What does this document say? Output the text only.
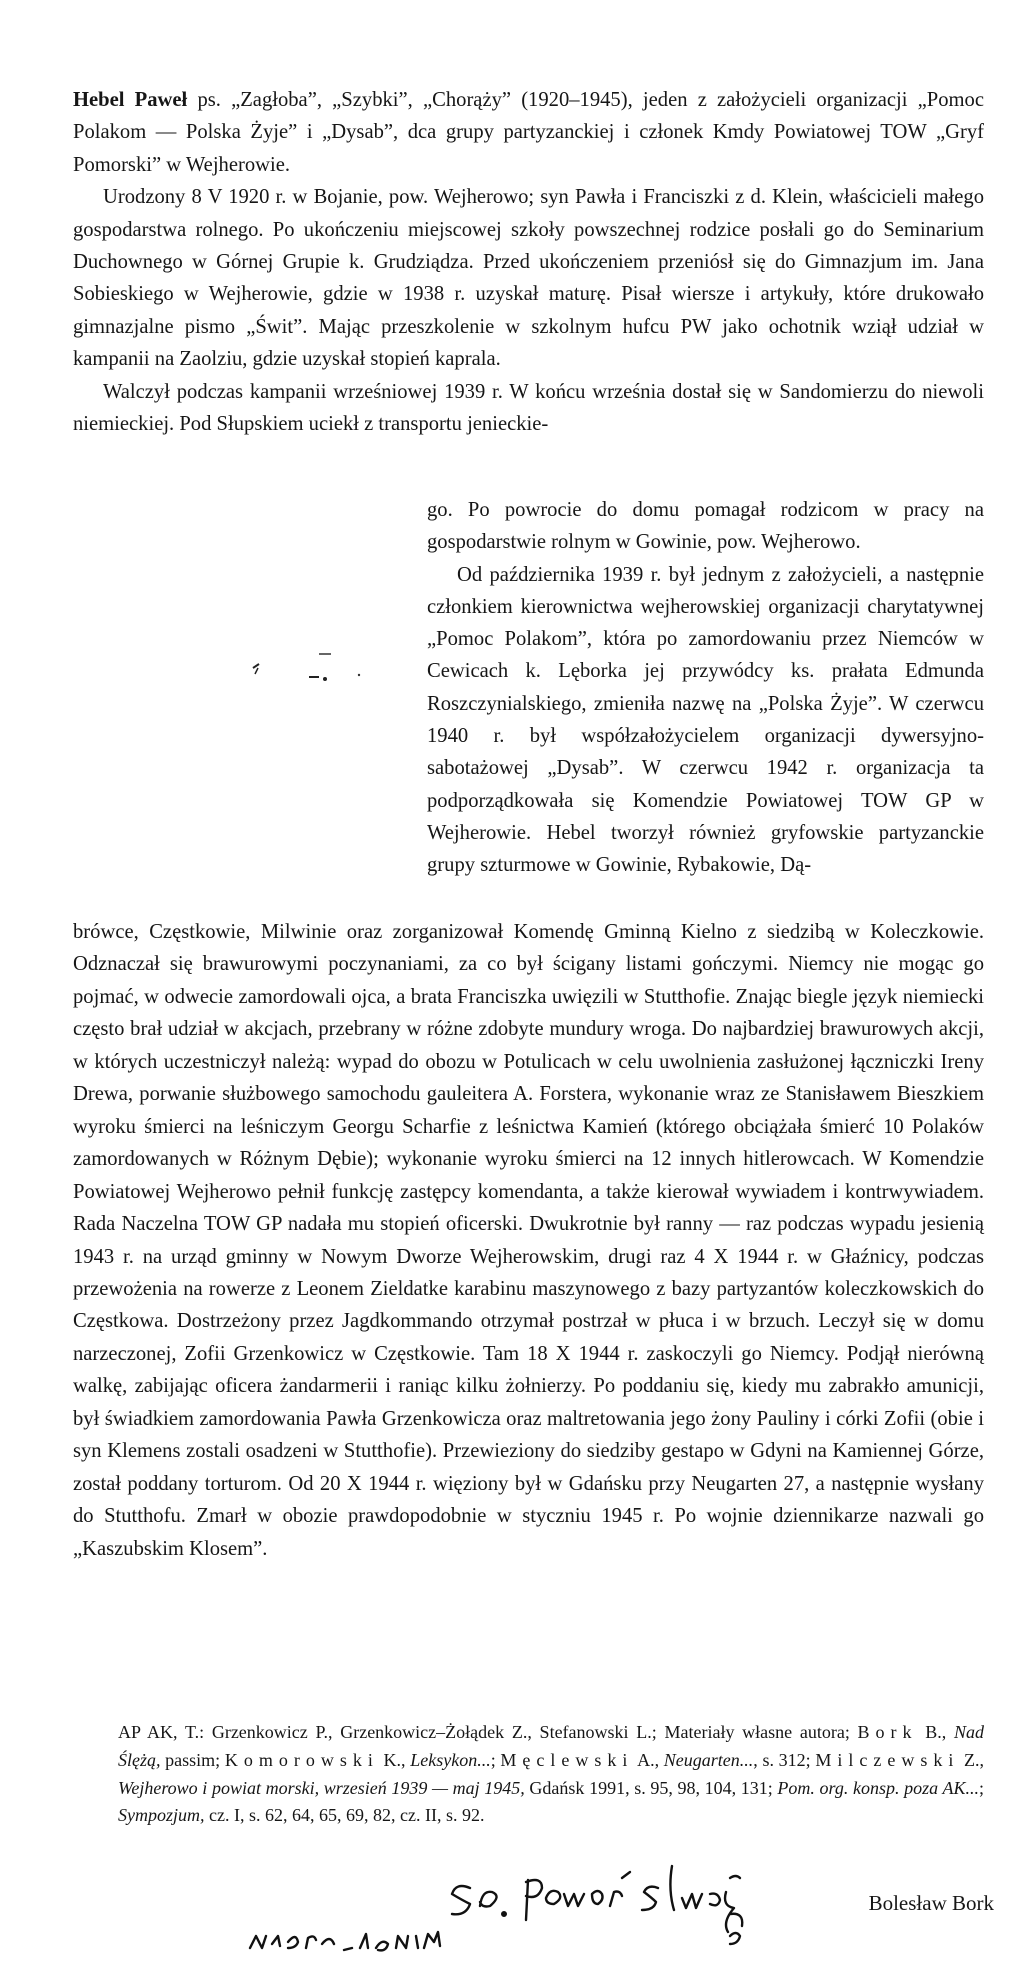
Hebel Paweł ps. „Zagłoba”, „Szybki”, „Chorąży” (1920–1945), jeden z założycieli organizacji „Pomoc Polakom — Polska Żyje” i „Dysab”, dca grupy partyzanckiej i członek Kmdy Powiatowej TOW „Gryf Pomorski” w Wejherowie.

Urodzony 8 V 1920 r. w Bojanie, pow. Wejherowo; syn Pawła i Franciszki z d. Klein, właścicieli małego gospodarstwa rolnego. Po ukończeniu miejscowej szkoły powszechnej rodzice posłali go do Seminarium Duchownego w Górnej Grupie k. Grudziądza. Przed ukończeniem przeniósł się do Gimnazjum im. Jana Sobieskiego w Wejherowie, gdzie w 1938 r. uzyskał maturę. Pisał wiersze i artykuły, które drukowało gimnazjalne pismo „Świt”. Mając przeszkolenie w szkolnym hufcu PW jako ochotnik wziął udział w kampanii na Zaolziu, gdzie uzyskał stopień kaprala.

Walczył podczas kampanii wrześniowej 1939 r. W końcu września dostał się w Sandomierzu do niewoli niemieckiej. Pod Słupskiem uciekł z transportu jenieckie-

go. Po powrocie do domu pomagał rodzicom w pracy na gospodarstwie rolnym w Gowinie, pow. Wejherowo.

Od października 1939 r. był jednym z założycieli, a następnie członkiem kierownictwa wejherowskiej organizacji charytatywnej „Pomoc Polakom”, która po zamordowaniu przez Niemców w Cewicach k. Lęborka jej przywódcy ks. prałata Edmunda Roszczynialskiego, zmieniła nazwę na „Polska Żyje”. W czerwcu 1940 r. był współzałożycielem organizacji dywersyjno-sabotażowej „Dysab”. W czerwcu 1942 r. organizacja ta podporządkowała się Komendzie Powiatowej TOW GP w Wejherowie. Hebel tworzył również gryfowskie partyzanckie grupy szturmowe w Gowinie, Rybakowie, Dą-

brówce, Częstkowie, Milwinie oraz zorganizował Komendę Gminną Kielno z siedzibą w Koleczkowie. Odznaczał się brawurowymi poczynaniami, za co był ścigany listami gończymi. Niemcy nie mogąc go pojmać, w odwecie zamordowali ojca, a brata Franciszka uwięzili w Stutthofie. Znając biegle język niemiecki często brał udział w akcjach, przebrany w różne zdobyte mundury wroga. Do najbardziej brawurowych akcji, w których uczestniczył należą: wypad do obozu w Potulicach w celu uwolnienia zasłużonej łączniczki Ireny Drewa, porwanie służbowego samochodu gauleitera A. Forstera, wykonanie wraz ze Stanisławem Bieszkiem wyroku śmierci na leśniczym Georgu Scharfie z leśnictwa Kamień (którego obciążała śmierć 10 Polaków zamordowanych w Różnym Dębie); wykonanie wyroku śmierci na 12 innych hitlerowcach. W Komendzie Powiatowej Wejherowo pełnił funkcję zastępcy komendanta, a także kierował wywiadem i kontrwywiadem. Rada Naczelna TOW GP nadała mu stopień oficerski. Dwukrotnie był ranny — raz podczas wypadu jesienią 1943 r. na urząd gminny w Nowym Dworze Wejherowskim, drugi raz 4 X 1944 r. w Głaźnicy, podczas przewożenia na rowerze z Leonem Zieldatke karabinu maszynowego z bazy partyzantów koleczkowskich do Częstkowa. Dostrzeżony przez Jagdkommando otrzymał postrzał w płuca i w brzuch. Leczył się w domu narzeczonej, Zofii Grzenkowicz w Częstkowie. Tam 18 X 1944 r. zaskoczyli go Niemcy. Podjął nierówną walkę, zabijając oficera żandarmerii i raniąc kilku żołnierzy. Po poddaniu się, kiedy mu zabrakło amunicji, był świadkiem zamordowania Pawła Grzenkowicza oraz maltretowania jego żony Pauliny i córki Zofii (obie i syn Klemens zostali osadzeni w Stutthofie). Przewieziony do siedziby gestapo w Gdyni na Kamiennej Górze, został poddany torturom. Od 20 X 1944 r. więziony był w Gdańsku przy Neugarten 27, a następnie wysłany do Stutthofu. Zmarł w obozie prawdopodobnie w styczniu 1945 r. Po wojnie dziennikarze nazwali go „Kaszubskim Klosem”.

AP AK, T.: Grzenkowicz P., Grzenkowicz–Żołądek Z., Stefanowski L.; Materiały własne autora; Bork B., Nad Ślężą, passim; Komorowski K., Leksykon...; Męclewski A., Neugarten..., s. 312; Milczewski Z., Wejherowo i powiat morski, wrzesień 1939 — maj 1945, Gdańsk 1991, s. 95, 98, 104, 131; Pom. org. konsp. poza AK...; Sympozjum, cz. I, s. 62, 64, 65, 69, 82, cz. II, s. 92.

Bolesław Bork
